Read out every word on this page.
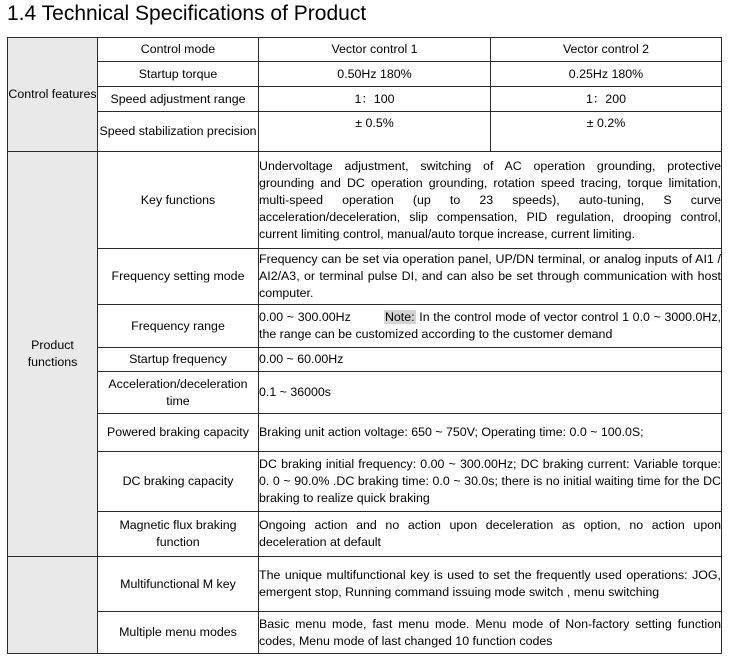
1.4 Technical Specifications of Product
Control features	Control mode	Vector control 1	Vector control 2
	Startup torque	0.50Hz 180%	0.25Hz 180%
	Speed adjustment range	1：100	1：200
	Speed stabilization precision	± 0.5%	± 0.2%
Product functions	Key functions	Undervoltage adjustment, switching of AC operation grounding, protective grounding and DC operation grounding, rotation speed tracing, torque limitation, multi-speed operation (up to 23 speeds), auto-tuning, S curve acceleration/deceleration, slip compensation, PID regulation, drooping control, current limiting control, manual/auto torque increase, current limiting.	
	Frequency setting mode	Frequency can be set via operation panel, UP/DN terminal, or analog inputs of AI1 / AI2/A3, or terminal pulse DI, and can also be set through communication with host computer.	
	Frequency range	0.00 ~ 300.00Hz Note: In the control mode of vector control 1 0.0 ~ 3000.0Hz, the range can be customized according to the customer demand	
	Startup frequency	0.00 ~ 60.00Hz	
	Acceleration/deceleration time	0.1 ~ 36000s	
	Powered braking capacity	Braking unit action voltage: 650 ~ 750V; Operating time: 0.0 ~ 100.0S;	
	DC braking capacity	DC braking initial frequency: 0.00 ~ 300.00Hz; DC braking current: Variable torque: 0. 0 ~ 90.0% .DC braking time: 0.0 ~ 30.0s; there is no initial waiting time for the DC braking to realize quick braking	
	Magnetic flux braking function	Ongoing action and no action upon deceleration as option, no action upon deceleration at default	
	Multifunctional M key	The unique multifunctional key is used to set the frequently used operations: JOG, emergent stop, Running command issuing mode switch , menu switching	
	Multiple menu modes	Basic menu mode, fast menu mode. Menu mode of Non-factory setting function codes, Menu mode of last changed 10 function codes	
